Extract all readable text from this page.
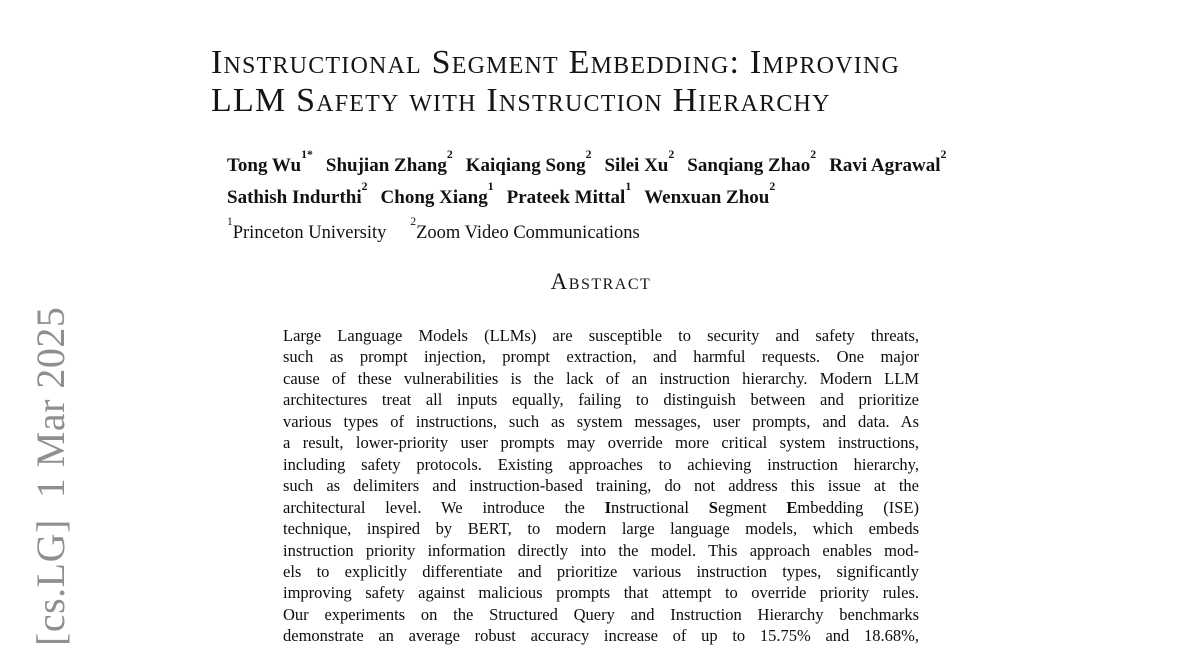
[cs.LG]  1 Mar 2025
Instructional Segment Embedding: Improving
LLM Safety with Instruction Hierarchy
Tong Wu$^{1*}$Shujian Zhang$^2$Kaiqiang Song$^2$Silei Xu$^2$Sanqiang Zhao$^2$Ravi Agrawal$^2$
Sathish Indurthi$^2$Chong Xiang$^1$Prateek Mittal$^1$Wenxuan Zhou$^2$
$^1$Princeton University$^2$Zoom Video Communications
Abstract
Large Language Models (LLMs) are susceptible to security and safety threats,
such as prompt injection, prompt extraction, and harmful requests. One major
cause of these vulnerabilities is the lack of an instruction hierarchy. Modern LLM
architectures treat all inputs equally, failing to distinguish between and prioritize
various types of instructions, such as system messages, user prompts, and data. As
a result, lower-priority user prompts may override more critical system instructions,
including safety protocols. Existing approaches to achieving instruction hierarchy,
such as delimiters and instruction-based training, do not address this issue at the
architectural level. We introduce the Instructional Segment Embedding (ISE)
technique, inspired by BERT, to modern large language models, which embeds
instruction priority information directly into the model. This approach enables mod-
els to explicitly differentiate and prioritize various instruction types, significantly
improving safety against malicious prompts that attempt to override priority rules.
Our experiments on the Structured Query and Instruction Hierarchy benchmarks
demonstrate an average robust accuracy increase of up to 15.75% and 18.68%,
